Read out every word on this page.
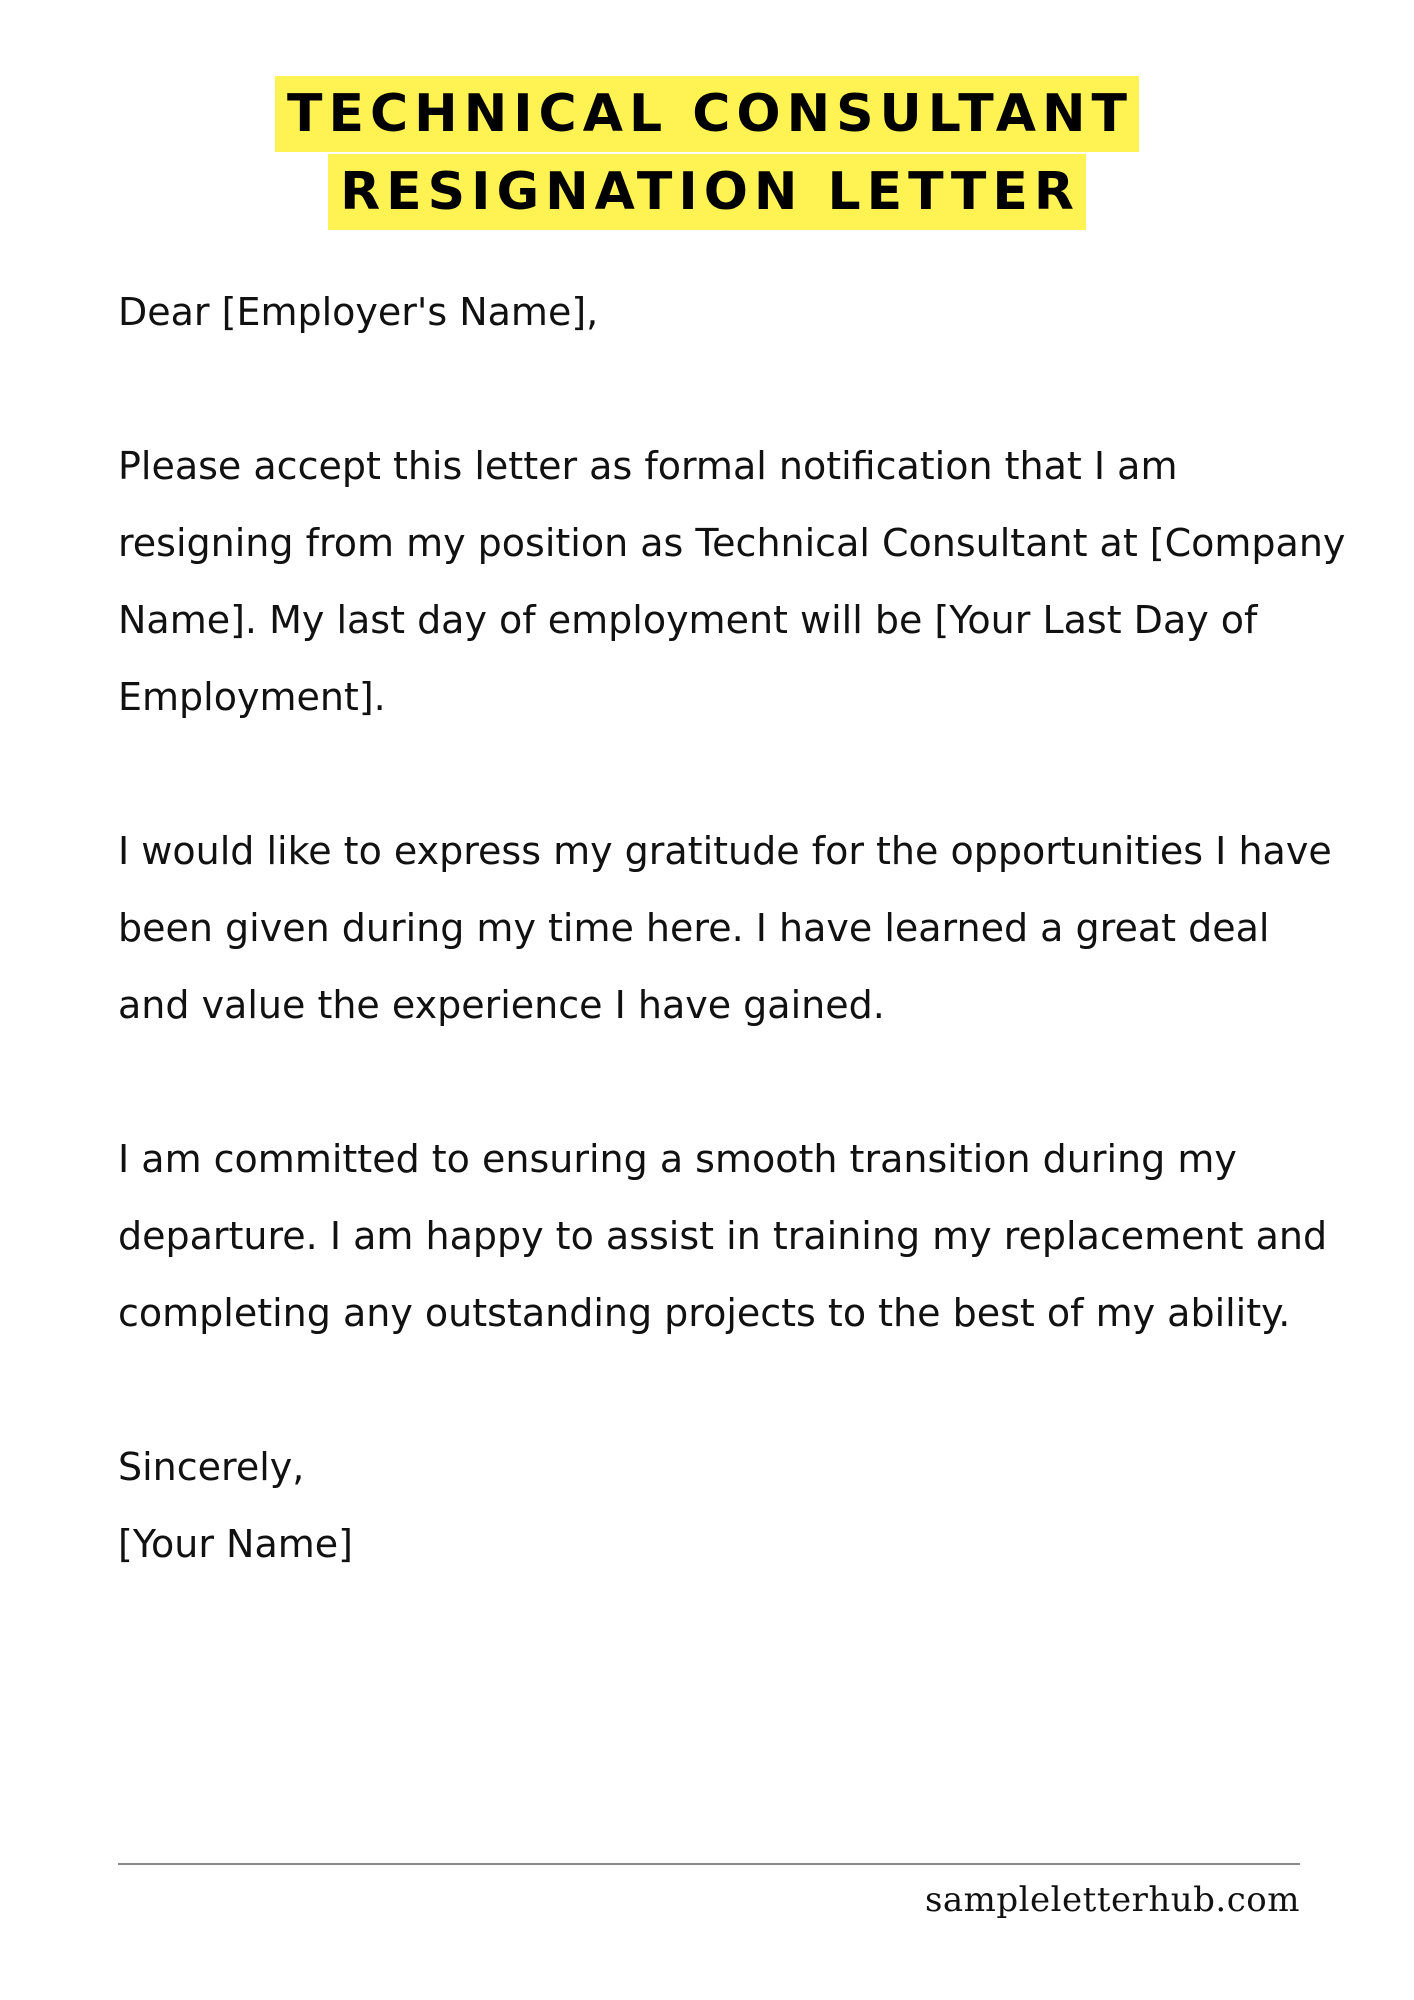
TECHNICAL CONSULTANT
RESIGNATION LETTER

Dear [Employer's Name],

Please accept this letter as formal notification that I am resigning from my position as Technical Consultant at [Company Name]. My last day of employment will be [Your Last Day of Employment].

I would like to express my gratitude for the opportunities I have been given during my time here. I have learned a great deal and value the experience I have gained.

I am committed to ensuring a smooth transition during my departure. I am happy to assist in training my replacement and completing any outstanding projects to the best of my ability.

Sincerely,

[Your Name]

sampleletterhub.com
